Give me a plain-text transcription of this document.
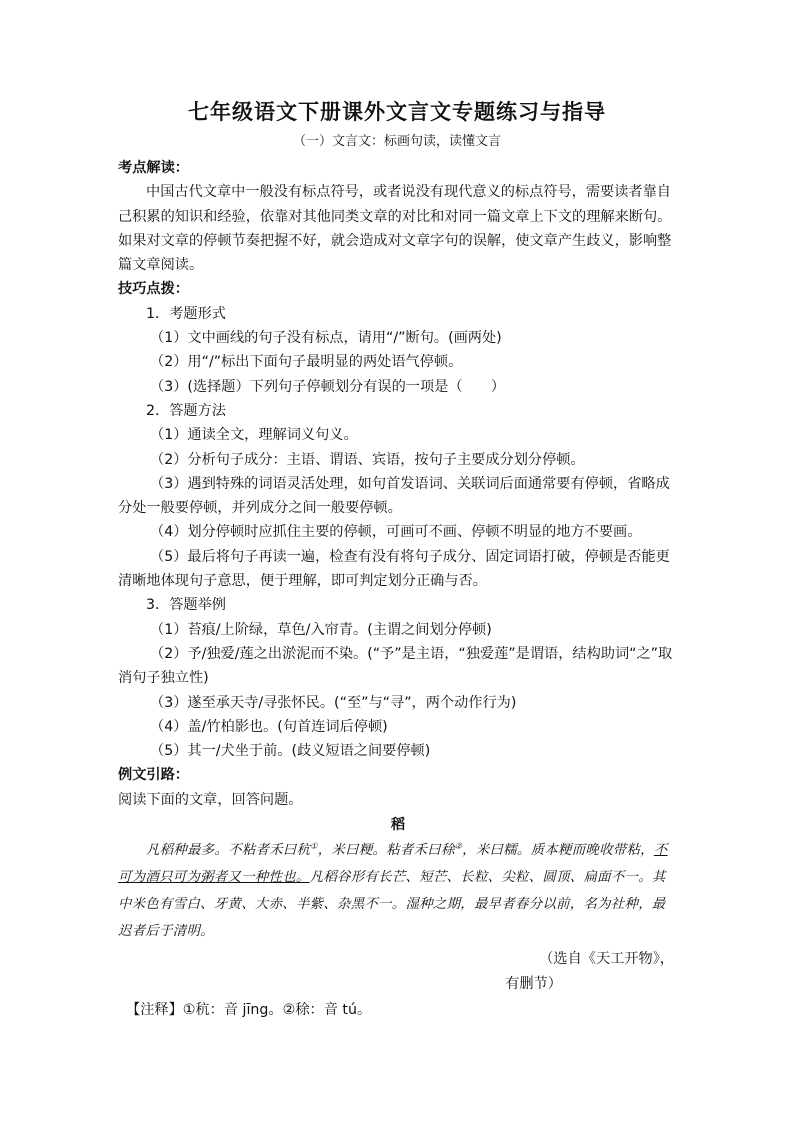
七年级语文下册课外文言文专题练习与指导
（一）文言文：标画句读，读懂文言

考点解读：

中国古代文章中一般没有标点符号，或者说没有现代意义的标点符号，需要读者靠自己积累的知识和经验，依靠对其他同类文章的对比和对同一篇文章上下文的理解来断句。如果对文章的停顿节奏把握不好，就会造成对文章字句的误解，使文章产生歧义，影响整篇文章阅读。

技巧点拨：

1．考题形式

（1）文中画线的句子没有标点，请用“/”断句。(画两处)

（2）用“/”标出下面句子最明显的两处语气停顿。

（3）(选择题）下列句子停顿划分有误的一项是（　　）

2．答题方法

（1）通读全文，理解词义句义。

（2）分析句子成分：主语、谓语、宾语，按句子主要成分划分停顿。

（3）遇到特殊的词语灵活处理，如句首发语词、关联词后面通常要有停顿，省略成分处一般要停顿，并列成分之间一般要停顿。

（4）划分停顿时应抓住主要的停顿，可画可不画、停顿不明显的地方不要画。

（5）最后将句子再读一遍，检查有没有将句子成分、固定词语打破，停顿是否能更清晰地体现句子意思，便于理解，即可判定划分正确与否。

3．答题举例

（1）苔痕/上阶绿，草色/入帘青。(主谓之间划分停顿)

（2）予/独爱/莲之出淤泥而不染。(“予”是主语，“独爱莲”是谓语，结构助词“之”取消句子独立性)

（3）遂至承天寺/寻张怀民。(“至”与“寻”，两个动作行为)

（4）盖/竹柏影也。(句首连词后停顿)

（5）其一/犬坐于前。(歧义短语之间要停顿)

例文引路：

阅读下面的文章，回答问题。

稻

凡稻种最多。不粘者禾曰秔①，米曰粳。粘者禾曰稌②，米曰糯。质本粳而晚收带粘，不可为酒只可为粥者又一种性也。凡稻谷形有长芒、短芒、长粒、尖粒、圆顶、扁面不一。其中米色有雪白、牙黄、大赤、半紫、杂黑不一。湿种之期，最早者春分以前，名为社种，最迟者后于清明。

（选自《天工开物》，

有删节）

【注释】①秔：音 jīng。②稌：音 tú。
